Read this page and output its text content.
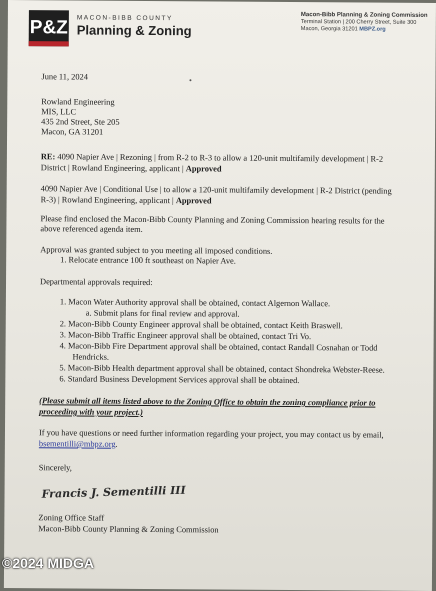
P&Z MACON-BIBB COUNTY
Planning & Zoning
Macon-Bibb Planning & Zoning Commission
Terminal Station | 200 Cherry Street, Suite 300
Macon, Georgia 31201 MBPZ.org
June 11, 2024
Rowland Engineering
MIS, LLC
435 2nd Street, Ste 205
Macon, GA 31201
RE: 4090 Napier Ave | Rezoning | from R-2 to R-3 to allow a 120-unit multifamily development | R-2
District | Rowland Engineering, applicant | Approved
4090 Napier Ave | Conditional Use | to allow a 120-unit multifamily development | R-2 District (pending
R-3) | Rowland Engineering, applicant | Approved
Please find enclosed the Macon-Bibb County Planning and Zoning Commission hearing results for the
above referenced agenda item.
Approval was granted subject to you meeting all imposed conditions.
1. Relocate entrance 100 ft southeast on Napier Ave.
Departmental approvals required:
1. Macon Water Authority approval shall be obtained, contact Algernon Wallace.
a. Submit plans for final review and approval.
2. Macon-Bibb County Engineer approval shall be obtained, contact Keith Braswell.
3. Macon-Bibb Traffic Engineer approval shall be obtained, contact Tri Vo.
4. Macon-Bibb Fire Department approval shall be obtained, contact Randall Cosnahan or Todd
Hendricks.
5. Macon-Bibb Health department approval shall be obtained, contact Shondreka Webster-Reese.
6. Standard Business Development Services approval shall be obtained.
(Please submit all items listed above to the Zoning Office to obtain the zoning compliance prior to
proceeding with your project.)
If you have questions or need further information regarding your project, you may contact us by email,
bsementilli@mbpz.org.
Sincerely,
Francis J. Sementilli III
Zoning Office Staff
Macon-Bibb County Planning & Zoning Commission
©2024 MIDGA
